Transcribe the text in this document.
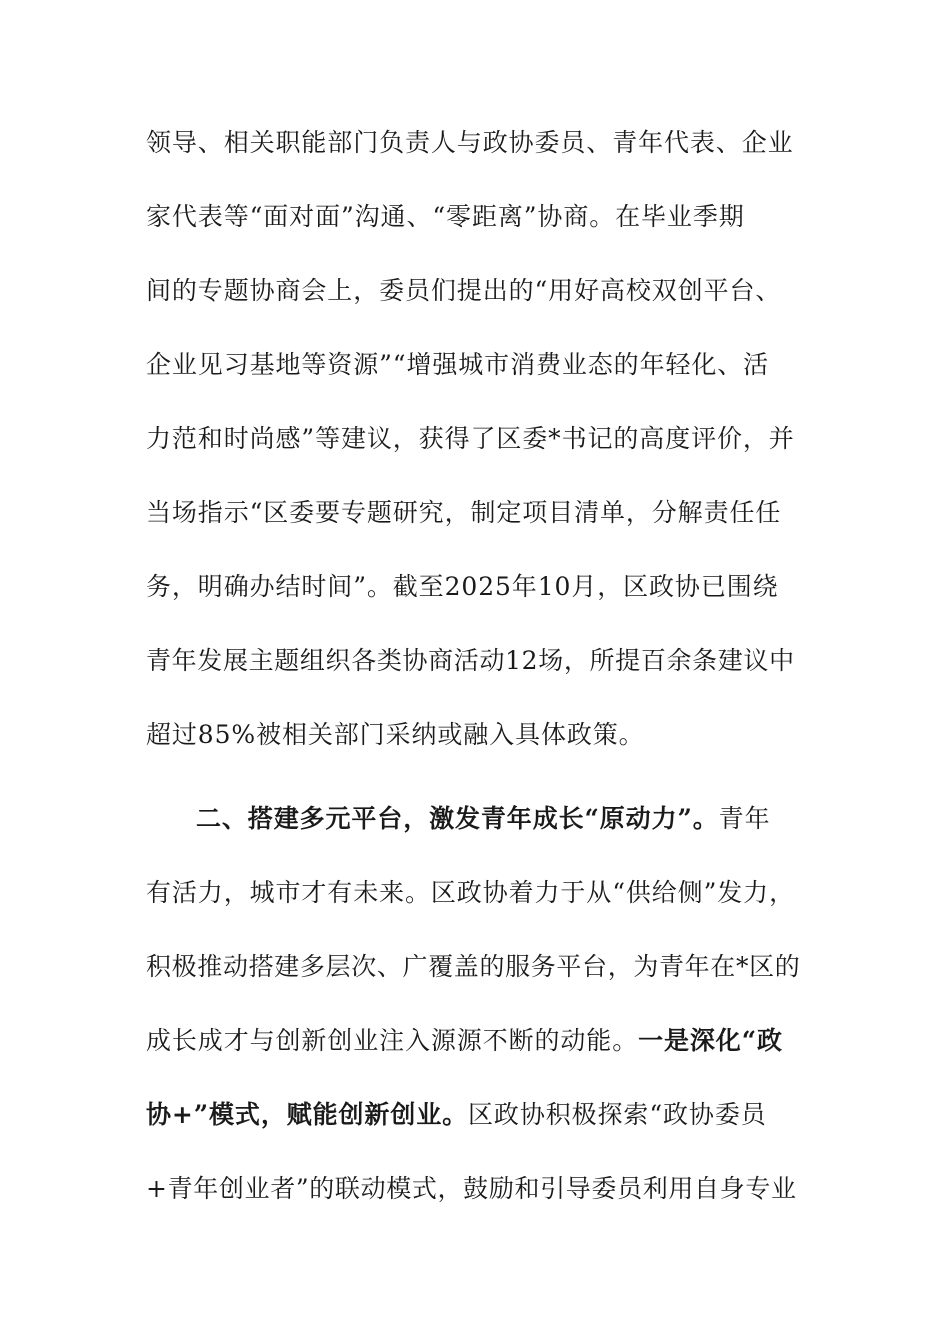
领导、相关职能部门负责人与政协委员、青年代表、企业
家代表等“面对面”沟通、“零距离”协商。在毕业季期
间的专题协商会上，委员们提出的“用好高校双创平台、
企业见习基地等资源”“增强城市消费业态的年轻化、活
力范和时尚感”等建议，获得了区委*书记的高度评价，并
当场指示“区委要专题研究，制定项目清单，分解责任任
务，明确办结时间”。截至2025年10月，区政协已围绕
青年发展主题组织各类协商活动12场，所提百余条建议中
超过85%被相关部门采纳或融入具体政策。
二、搭建多元平台，激发青年成长“原动力”。青年
有活力，城市才有未来。区政协着力于从“供给侧”发力，
积极推动搭建多层次、广覆盖的服务平台，为青年在*区的
成长成才与创新创业注入源源不断的动能。一是深化“政
协+”模式，赋能创新创业。区政协积极探索“政协委员
+青年创业者”的联动模式，鼓励和引导委员利用自身专业
